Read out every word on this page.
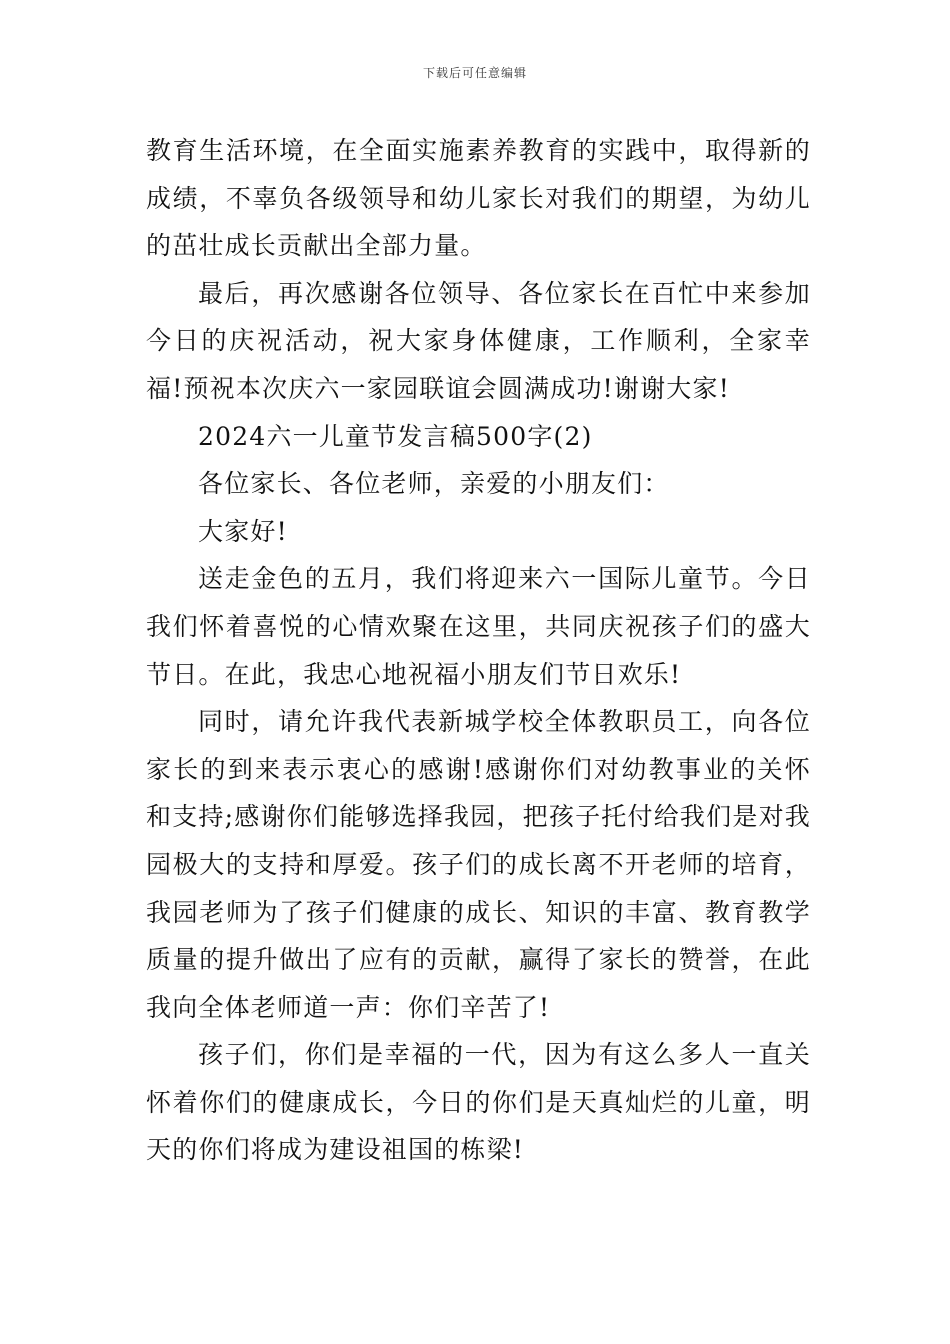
下载后可任意编辑

教育生活环境，在全面实施素养教育的实践中，取得新的成绩，不辜负各级领导和幼儿家长对我们的期望，为幼儿的茁壮成长贡献出全部力量。

最后，再次感谢各位领导、各位家长在百忙中来参加今日的庆祝活动，祝大家身体健康，工作顺利，全家幸福!预祝本次庆六一家园联谊会圆满成功!谢谢大家!

2024六一儿童节发言稿500字(2)

各位家长、各位老师，亲爱的小朋友们：

大家好!

送走金色的五月，我们将迎来六一国际儿童节。今日我们怀着喜悦的心情欢聚在这里，共同庆祝孩子们的盛大节日。在此，我忠心地祝福小朋友们节日欢乐!

同时，请允许我代表新城学校全体教职员工，向各位家长的到来表示衷心的感谢!感谢你们对幼教事业的关怀和支持;感谢你们能够选择我园，把孩子托付给我们是对我园极大的支持和厚爱。孩子们的成长离不开老师的培育，我园老师为了孩子们健康的成长、知识的丰富、教育教学质量的提升做出了应有的贡献，赢得了家长的赞誉，在此我向全体老师道一声：你们辛苦了!

孩子们，你们是幸福的一代，因为有这么多人一直关怀着你们的健康成长，今日的你们是天真灿烂的儿童，明天的你们将成为建设祖国的栋梁!
